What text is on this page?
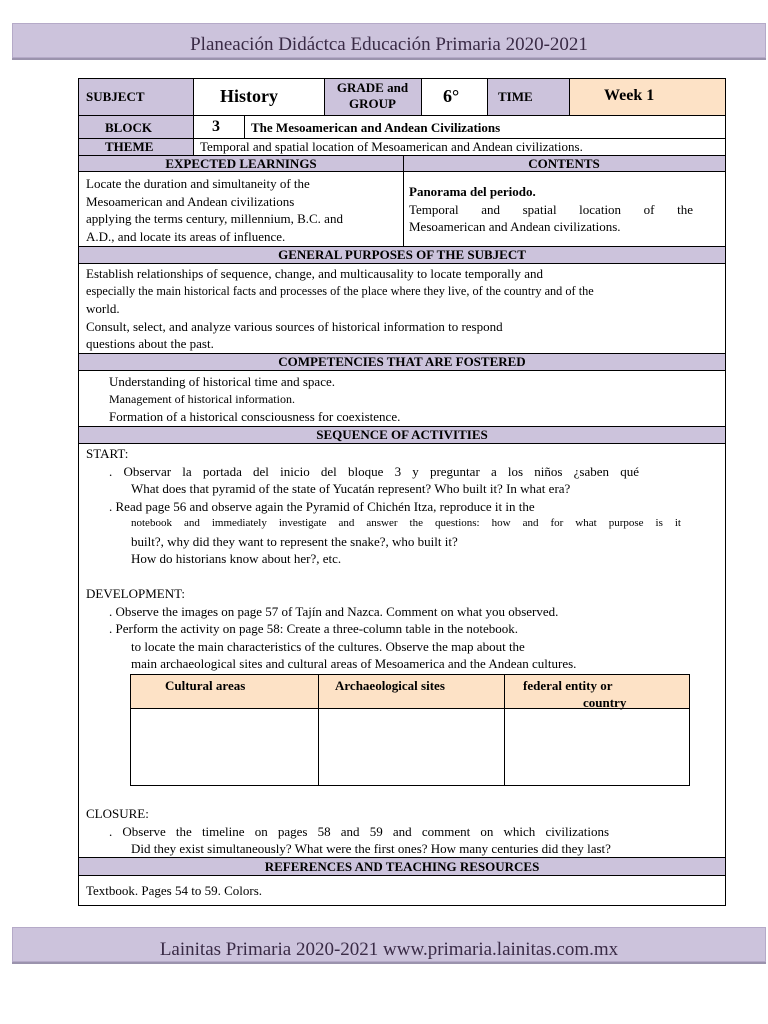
Planeación Didáctca Educación Primaria 2020-2021
SUBJECT	History	GRADE and GROUP	6°	TIME	Week 1
BLOCK	3 The Mesoamerican and Andean Civilizations
THEME	Temporal and spatial location of Mesoamerican and Andean civilizations.
EXPECTED LEARNINGS	CONTENTS
Locate the duration and simultaneity of the
Mesoamerican and Andean civilizations
applying the terms century, millennium, B.C. and
A.D., and locate its areas of influence.
Panorama del periodo.
Temporal and spatial location of the
Mesoamerican and Andean civilizations.
GENERAL PURPOSES OF THE SUBJECT
Establish relationships of sequence, change, and multicausality to locate temporally and
especially the main historical facts and processes of the place where they live, of the country and of the
world.
Consult, select, and analyze various sources of historical information to respond
questions about the past.
COMPETENCIES THAT ARE FOSTERED
Understanding of historical time and space.
Management of historical information.
Formation of a historical consciousness for coexistence.
SEQUENCE OF ACTIVITIES
START:
. Observar la portada del inicio del bloque 3 y preguntar a los niños ¿saben qué
What does that pyramid of the state of Yucatán represent? Who built it? In what era?
. Read page 56 and observe again the Pyramid of Chichén Itza, reproduce it in the
notebook and immediately investigate and answer the questions: how and for what purpose is it
built?, why did they want to represent the snake?, who built it?
How do historians know about her?, etc.
DEVELOPMENT:
. Observe the images on page 57 of Tajín and Nazca. Comment on what you observed.
. Perform the activity on page 58: Create a three-column table in the notebook.
to locate the main characteristics of the cultures. Observe the map about the
main archaeological sites and cultural areas of Mesoamerica and the Andean cultures.
Cultural areas	Archaeological sites	federal entity or
country
CLOSURE:
. Observe the timeline on pages 58 and 59 and comment on which civilizations
Did they exist simultaneously? What were the first ones? How many centuries did they last?
REFERENCES AND TEACHING RESOURCES
Textbook. Pages 54 to 59. Colors.
Lainitas Primaria 2020-2021 www.primaria.lainitas.com.mx
